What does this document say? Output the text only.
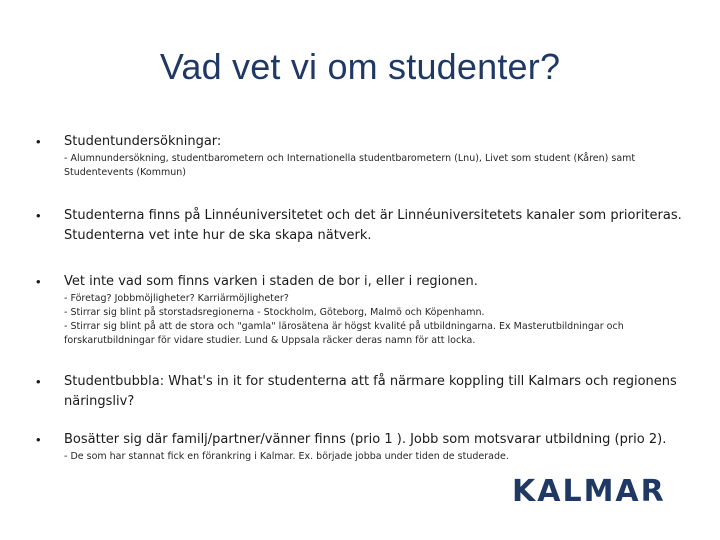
Vad vet vi om studenter?
• Studentundersökningar:
- Alumnundersökning, studentbarometern och Internationella studentbarometern (Lnu), Livet som student (Kåren) samt Studentevents (Kommun)
• Studenterna finns på Linnéuniversitetet och det är Linnéuniversitetets kanaler som prioriteras. Studenterna vet inte hur de ska skapa nätverk.
• Vet inte vad som finns varken i staden de bor i, eller i regionen.
- Företag? Jobbmöjligheter? Karriärmöjligheter?
- Stirrar sig blint på storstadsregionerna - Stockholm, Göteborg, Malmö och Köpenhamn.
- Stirrar sig blint på att de stora och "gamla" lärosätena är högst kvalité på utbildningarna. Ex Masterutbildningar och forskarutbildningar för vidare studier. Lund & Uppsala räcker deras namn för att locka.
• Studentbubbla: What's in it for studenterna att få närmare koppling till Kalmars och regionens näringsliv?
• Bosätter sig där familj/partner/vänner finns (prio 1 ). Jobb som motsvarar utbildning (prio 2).
- De som har stannat fick en förankring i Kalmar. Ex. började jobba under tiden de studerade.
KALMAR
